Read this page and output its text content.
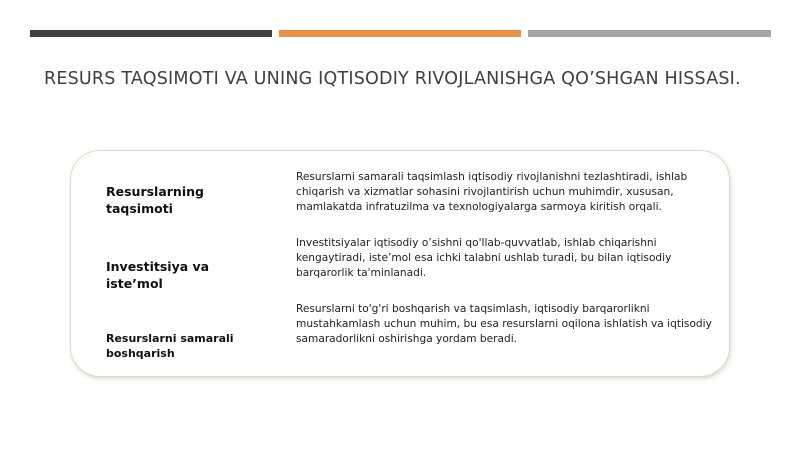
RESURS TAQSIMOTI VA UNING IQTISODIY RIVOJLANISHGA QO’SHGAN HISSASI.
Resurslarning taqsimoti
Resurslarni samarali taqsimlash iqtisodiy rivojlanishni tezlashtiradi, ishlab chiqarish va xizmatlar sohasini rivojlantirish uchun muhimdir, xususan, mamlakatda infratuzilma va texnologiyalarga sarmoya kiritish orqali.
Investitsiya va iste’mol
Investitsiyalar iqtisodiy o’sishni qo'llab-quvvatlab, ishlab chiqarishni kengaytiradi, iste’mol esa ichki talabni ushlab turadi, bu bilan iqtisodiy barqarorlik ta'minlanadi.
Resurslarni samarali boshqarish
Resurslarni to'g'ri boshqarish va taqsimlash, iqtisodiy barqarorlikni mustahkamlash uchun muhim, bu esa resurslarni oqilona ishlatish va iqtisodiy samaradorlikni oshirishga yordam beradi.
